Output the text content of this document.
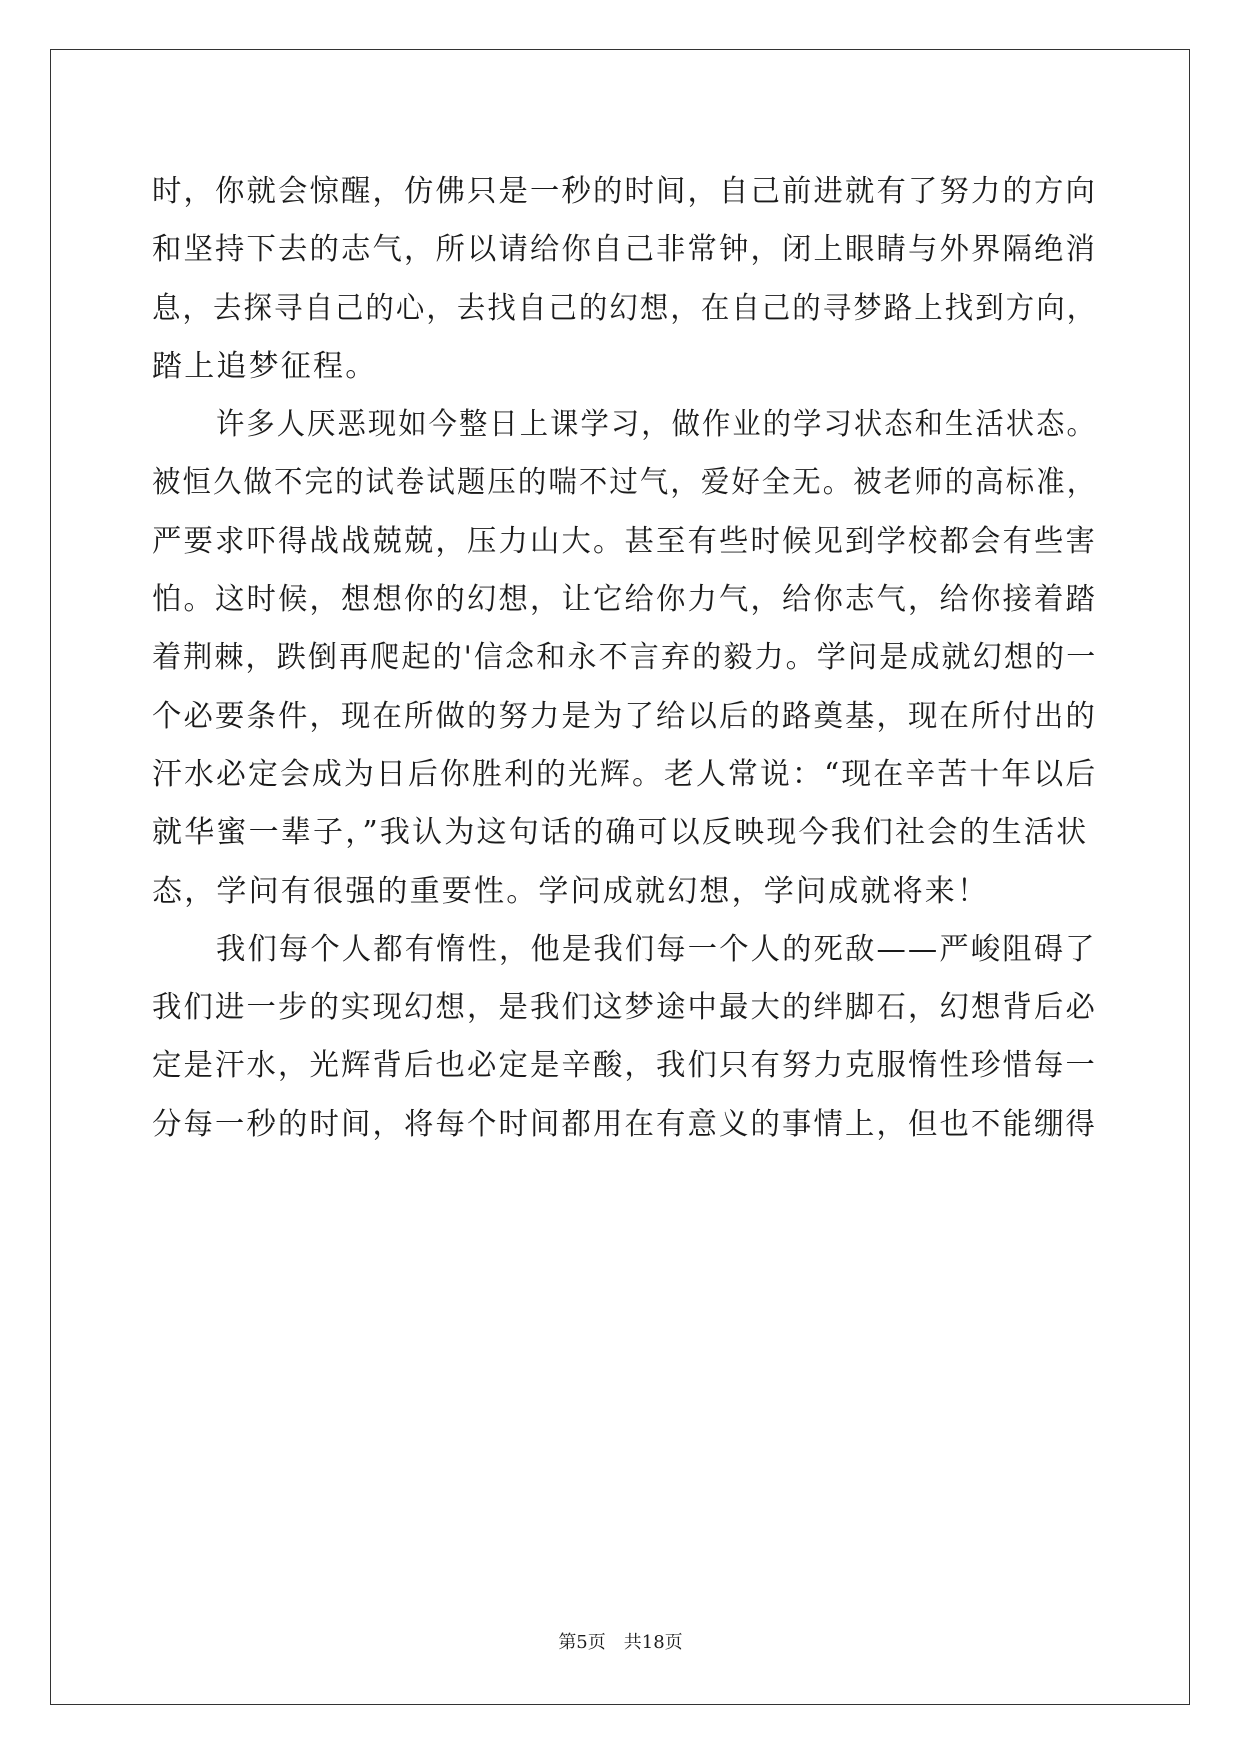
时，你就会惊醒，仿佛只是一秒的时间，自己前进就有了努力的方向
和坚持下去的志气，所以请给你自己非常钟，闭上眼睛与外界隔绝消
息，去探寻自己的心，去找自己的幻想，在自己的寻梦路上找到方向，
踏上追梦征程。
许多人厌恶现如今整日上课学习，做作业的学习状态和生活状态。
被恒久做不完的试卷试题压的喘不过气，爱好全无。被老师的高标准，
严要求吓得战战兢兢，压力山大。甚至有些时候见到学校都会有些害
怕。这时候，想想你的幻想，让它给你力气，给你志气，给你接着踏
着荆棘，跌倒再爬起的'信念和永不言弃的毅力。学问是成就幻想的一
个必要条件，现在所做的努力是为了给以后的路奠基，现在所付出的
汗水必定会成为日后你胜利的光辉。老人常说：“现在辛苦十年以后
就华蜜一辈子，”我认为这句话的确可以反映现今我们社会的生活状
态，学问有很强的重要性。学问成就幻想，学问成就将来！
我们每个人都有惰性，他是我们每一个人的死敌——严峻阻碍了
我们进一步的实现幻想，是我们这梦途中最大的绊脚石，幻想背后必
定是汗水，光辉背后也必定是辛酸，我们只有努力克服惰性珍惜每一
分每一秒的时间，将每个时间都用在有意义的事情上，但也不能绷得
第5页　共18页
